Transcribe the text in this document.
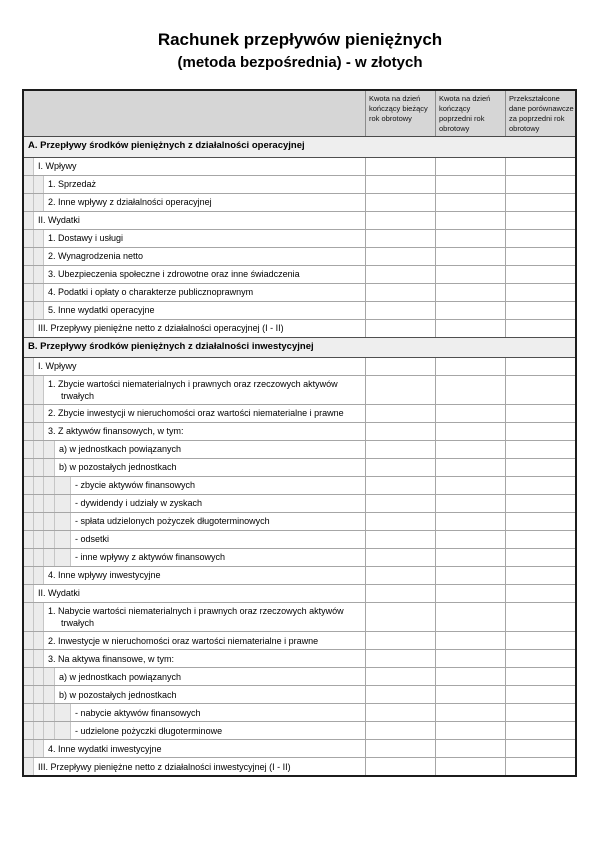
Rachunek przepływów pieniężnych
(metoda bezpośrednia) - w złotych
Kwota na dzień kończący bieżący rok obrotowy
Kwota na dzień kończący poprzedni rok obrotowy
Przekształcone dane porównawcze za poprzedni rok obrotowy
A. Przepływy środków pieniężnych z działalności operacyjnej
I. Wpływy
1. Sprzedaż
2. Inne wpływy z działalności operacyjnej
II. Wydatki
1. Dostawy i usługi
2. Wynagrodzenia netto
3. Ubezpieczenia społeczne i zdrowotne oraz inne świadczenia
4. Podatki i opłaty o charakterze publicznoprawnym
5. Inne wydatki operacyjne
III. Przepływy pieniężne netto z działalności operacyjnej (I - II)
B. Przepływy środków pieniężnych z działalności inwestycyjnej
I. Wpływy
1. Zbycie wartości niematerialnych i prawnych oraz rzeczowych aktywów trwałych
2. Zbycie inwestycji w nieruchomości oraz wartości niematerialne i prawne
3. Z aktywów finansowych, w tym:
a) w jednostkach powiązanych
b) w pozostałych jednostkach
- zbycie aktywów finansowych
- dywidendy i udziały w zyskach
- spłata udzielonych pożyczek długoterminowych
- odsetki
- inne wpływy z aktywów finansowych
4. Inne wpływy inwestycyjne
II. Wydatki
1. Nabycie wartości niematerialnych i prawnych oraz rzeczowych aktywów trwałych
2. Inwestycje w nieruchomości oraz wartości niematerialne i prawne
3. Na aktywa finansowe, w tym:
a) w jednostkach powiązanych
b) w pozostałych jednostkach
- nabycie aktywów finansowych
- udzielone pożyczki długoterminowe
4. Inne wydatki inwestycyjne
III. Przepływy pieniężne netto z działalności inwestycyjnej (I - II)
